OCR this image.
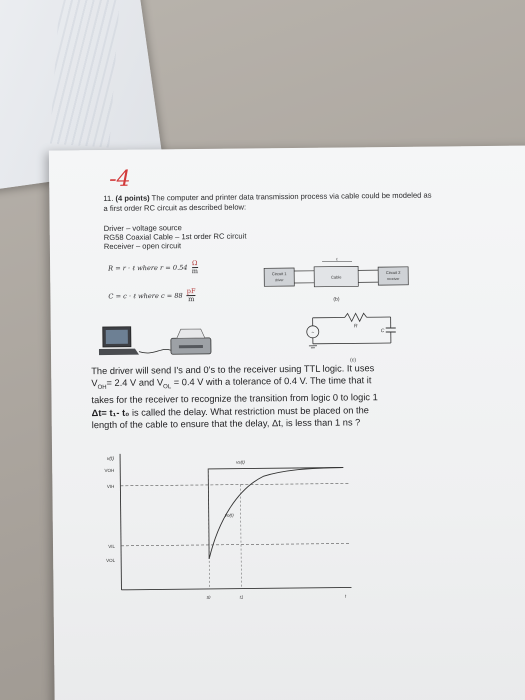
-4
11. (4 points) The computer and printer data transmission process via cable could be modeled as a first order RC circuit as described below:
Driver – voltage source
RG58 Coaxial Cable – 1st order RC circuit
Receiver – open circuit
R = r · ℓ where $r = 0.54 \frac{\Omega}{m}$
C = c · ℓ where $c = 88 \frac{pF}{m}$
Circuit 1
driver
Cable
ℓ
Circuit 2
receiver
(b)
~
R
C
(c)
The driver will send I's and 0's to the receiver using TTL logic. It uses
$V_{OH}= 2.4$ V and $V_{OL} = 0.4$ V with a tolerance of 0.4 V. The time that it
takes for the receiver to recognize the transition from logic 0 to logic 1
Δt= t₁- t₀ is called the delay. What restriction must be placed on the
length of the cable to ensure that the delay, Δt, is less than 1 ns ?
v(t)
VOH
VIH
VIL
VOL
vs(t)
vo(t)
t0	t1	t
